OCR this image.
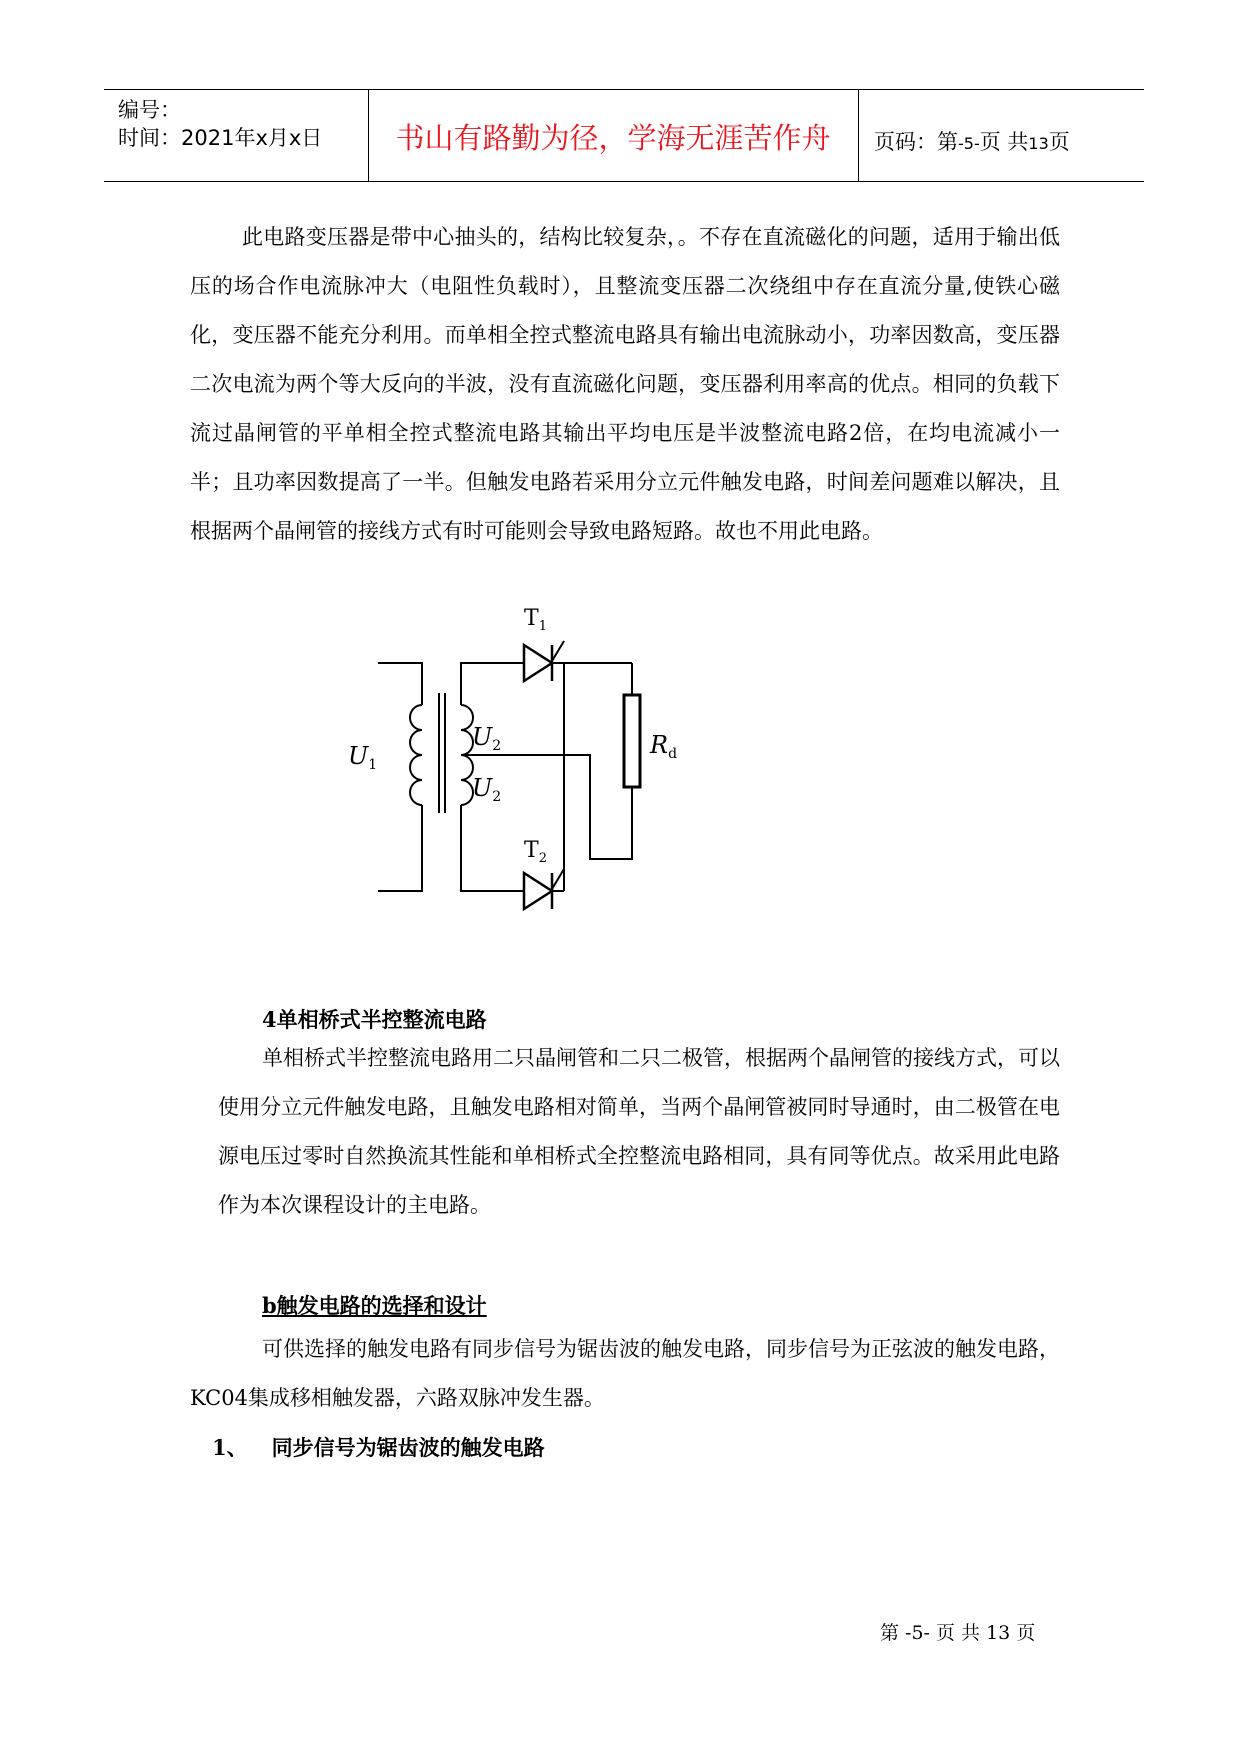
编号：
时间：2021年x月x日	书山有路勤为径，学海无涯苦作舟	页码：第-5-页 共13页

此电路变压器是带中心抽头的，结构比较复杂，。不存在直流磁化的问题，适用于输出低压的场合作电流脉冲大（电阻性负载时），且整流变压器二次绕组中存在直流分量,使铁心磁化，变压器不能充分利用。而单相全控式整流电路具有输出电流脉动小，功率因数高，变压器二次电流为两个等大反向的半波，没有直流磁化问题，变压器利用率高的优点。相同的负载下流过晶闸管的平单相全控式整流电路其输出平均电压是半波整流电路2倍，在均电流减小一半；且功率因数提高了一半。但触发电路若采用分立元件触发电路，时间差问题难以解决，且根据两个晶闸管的接线方式有时可能则会导致电路短路。故也不用此电路。

$T_1$
$T_2$
$U_1$
$U_2$
$U_2$
$R_d$
4单相桥式半控整流电路

单相桥式半控整流电路用二只晶闸管和二只二极管，根据两个晶闸管的接线方式，可以使用分立元件触发电路，且触发电路相对简单，当两个晶闸管被同时导通时，由二极管在电源电压过零时自然换流其性能和单相桥式全控整流电路相同，具有同等优点。故采用此电路作为本次课程设计的主电路。

b触发电路的选择和设计

可供选择的触发电路有同步信号为锯齿波的触发电路，同步信号为正弦波的触发电路，KC04集成移相触发器，六路双脉冲发生器。

1、 同步信号为锯齿波的触发电路
第 -5- 页 共 13 页
